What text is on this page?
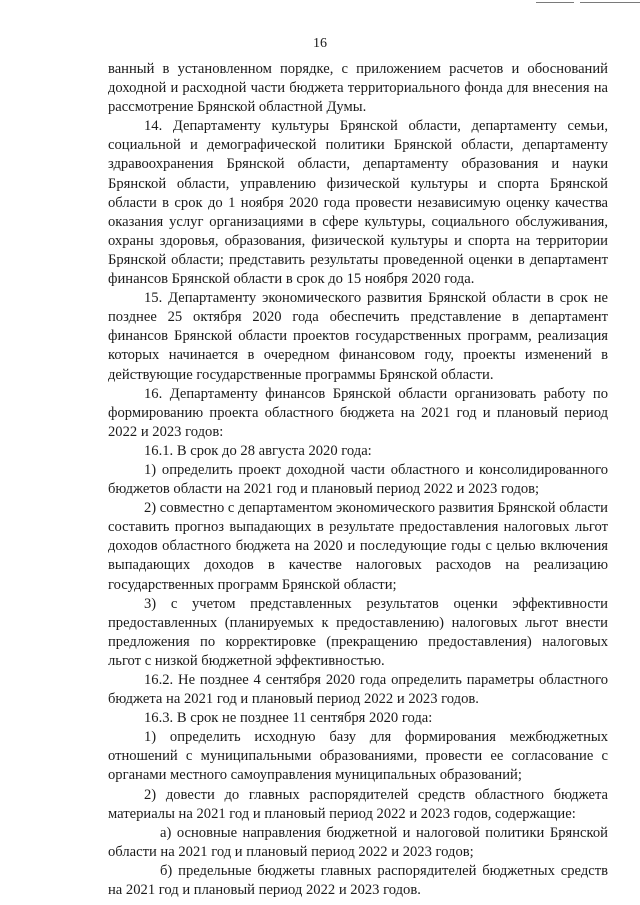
16

ванный в установленном порядке, с приложением расчетов и обоснований доходной и расходной части бюджета территориального фонда для внесения на рассмотрение Брянской областной Думы.

14. Департаменту культуры Брянской области, департаменту семьи, социальной и демографической политики Брянской области, департаменту здравоохранения Брянской области, департаменту образования и науки Брянской области, управлению физической культуры и спорта Брянской области в срок до 1 ноября 2020 года провести независимую оценку качества оказания услуг организациями в сфере культуры, социального обслуживания, охраны здоровья, образования, физической культуры и спорта на территории Брянской области; представить результаты проведенной оценки в департамент финансов Брянской области в срок до 15 ноября 2020 года.

15. Департаменту экономического развития Брянской области в срок не позднее 25 октября 2020 года обеспечить представление в департамент финансов Брянской области проектов государственных программ, реализация которых начинается в очередном финансовом году, проекты изменений в действующие государственные программы Брянской области.

16. Департаменту финансов Брянской области организовать работу по формированию проекта областного бюджета на 2021 год и плановый период 2022 и 2023 годов:

16.1. В срок до 28 августа 2020 года:

1) определить проект доходной части областного и консолидированного бюджетов области на 2021 год и плановый период 2022 и 2023 годов;

2) совместно с департаментом экономического развития Брянской области составить прогноз выпадающих в результате предоставления налоговых льгот доходов областного бюджета на 2020 и последующие годы с целью включения выпадающих доходов в качестве налоговых расходов на реализацию государственных программ Брянской области;

3) с учетом представленных результатов оценки эффективности предоставленных (планируемых к предоставлению) налоговых льгот внести предложения по корректировке (прекращению предоставления) налоговых льгот с низкой бюджетной эффективностью.

16.2. Не позднее 4 сентября 2020 года определить параметры областного бюджета на 2021 год и плановый период 2022 и 2023 годов.

16.3. В срок не позднее 11 сентября 2020 года:

1) определить исходную базу для формирования межбюджетных отношений с муниципальными образованиями, провести ее согласование с органами местного самоуправления муниципальных образований;

2) довести до главных распорядителей средств областного бюджета материалы на 2021 год и плановый период 2022 и 2023 годов, содержащие:

а) основные направления бюджетной и налоговой политики Брянской области на 2021 год и плановый период 2022 и 2023 годов;

б) предельные бюджеты главных распорядителей бюджетных средств на 2021 год и плановый период 2022 и 2023 годов.
